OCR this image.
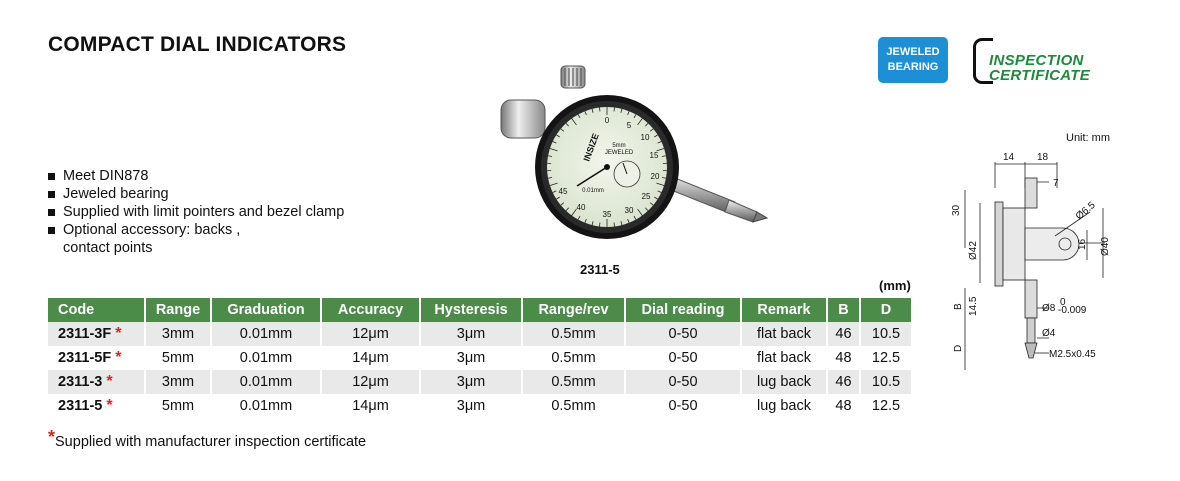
COMPACT DIAL INDICATORS	JEWELED
BEARING	INSPECTION
CERTIFICATE
Meet DIN878
Jeweled bearing
Supplied with limit pointers and bezel clamp
Optional accessory: backs ,
contact points
0
5
10
15
20
25
30
35
40
45
5mm
JEWELED
0.01mm
INSIZE
2311-5
(mm)
Code	Range	Graduation	Accuracy	Hysteresis	Range/rev	Dial reading	Remark	B	D
2311-3F *	3mm	0.01mm	12μm	3μm	0.5mm	0-50	flat back	46	10.5
2311-5F *	5mm	0.01mm	14μm	3μm	0.5mm	0-50	flat back	48	12.5
2311-3 *	3mm	0.01mm	12μm	3μm	0.5mm	0-50	lug back	46	10.5
2311-5 *	5mm	0.01mm	14μm	3μm	0.5mm	0-50	lug back	48	12.5
*Supplied with manufacturer inspection certificate
Unit: mm
14 18
7
30	Ø6.5
Ø42	16 Ø40
B 14.5	Ø8
0
-0.009
Ø4
D
M2.5x0.45
